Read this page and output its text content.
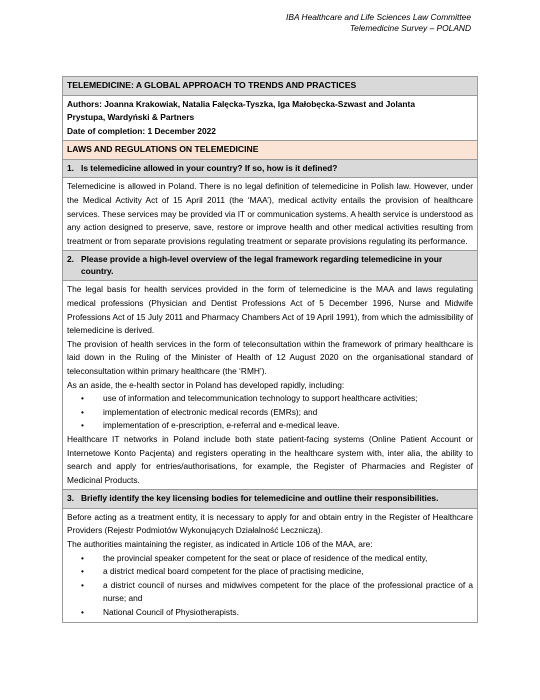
IBA Healthcare and Life Sciences Law Committee
Telemedicine Survey – POLAND
TELEMEDICINE: A GLOBAL APPROACH TO TRENDS AND PRACTICES
Authors: Joanna Krakowiak, Natalia Falęcka-Tyszka, Iga Małobęcka-Szwast and Jolanta
Prystupa, Wardyński & Partners
Date of completion: 1 December 2022
LAWS AND REGULATIONS ON TELEMEDICINE
1. Is telemedicine allowed in your country? If so, how is it defined?

Telemedicine is allowed in Poland. There is no legal definition of telemedicine in Polish law. However, under the Medical Activity Act of 15 April 2011 (the ‘MAA’), medical activity entails the provision of healthcare services. These services may be provided via IT or communication systems. A health service is understood as any action designed to preserve, save, restore or improve health and other medical activities resulting from treatment or from separate provisions regulating treatment or separate provisions regulating its performance.

2. Please provide a high-level overview of the legal framework regarding telemedicine in your country.

The legal basis for health services provided in the form of telemedicine is the MAA and laws regulating medical professions (Physician and Dentist Professions Act of 5 December 1996, Nurse and Midwife Professions Act of 15 July 2011 and Pharmacy Chambers Act of 19 April 1991), from which the admissibility of telemedicine is derived.

The provision of health services in the form of teleconsultation within the framework of primary healthcare is laid down in the Ruling of the Minister of Health of 12 August 2020 on the organisational standard of teleconsultation within primary healthcare (the ‘RMH’).

As an aside, the e-health sector in Poland has developed rapidly, including:

• use of information and telecommunication technology to support healthcare activities;
• implementation of electronic medical records (EMRs); and
• implementation of e-prescription, e-referral and e-medical leave.

Healthcare IT networks in Poland include both state patient-facing systems (Online Patient Account or Internetowe Konto Pacjenta) and registers operating in the healthcare system with, inter alia, the ability to search and apply for entries/authorisations, for example, the Register of Pharmacies and Register of Medicinal Products.

3. Briefly identify the key licensing bodies for telemedicine and outline their responsibilities.

Before acting as a treatment entity, it is necessary to apply for and obtain entry in the Register of Healthcare Providers (Rejestr Podmiotów Wykonujących Działalność Leczniczą).

The authorities maintaining the register, as indicated in Article 106 of the MAA, are:

• the provincial speaker competent for the seat or place of residence of the medical entity,
• a district medical board competent for the place of practising medicine,
• a district council of nurses and midwives competent for the place of the professional practice of a nurse; and
• National Council of Physiotherapists.
